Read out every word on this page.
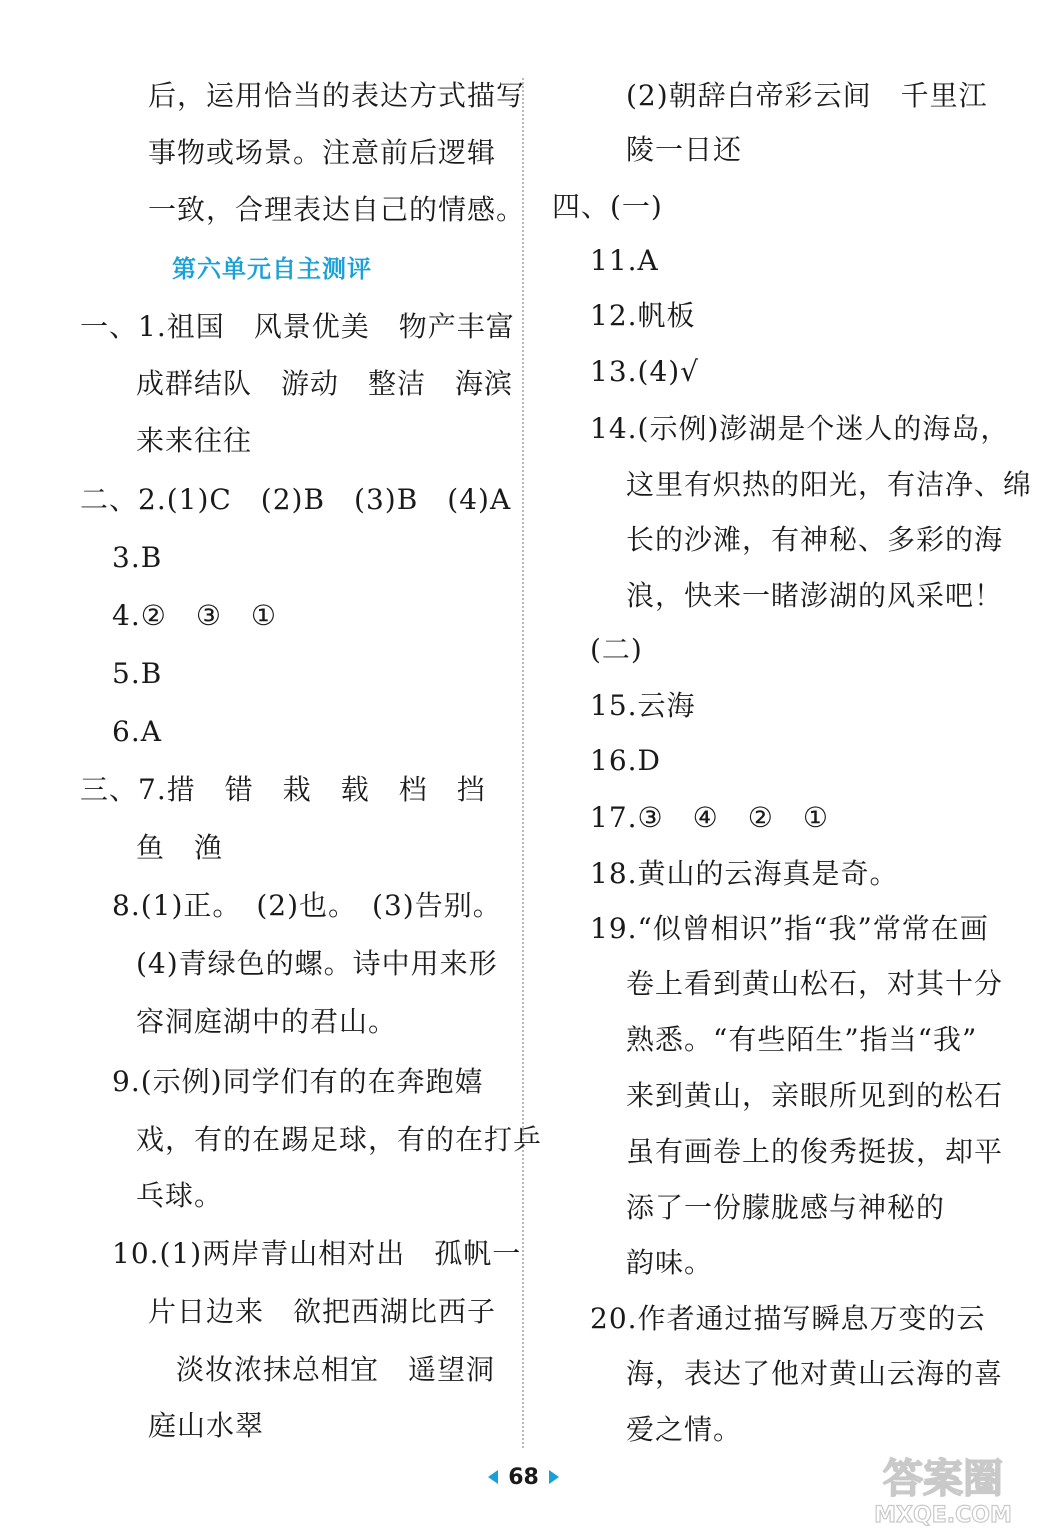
后，运用恰当的表达方式描写
事物或场景。注意前后逻辑
一致，合理表达自己的情感。
第六单元自主测评
一、1.祖国　风景优美　物产丰富
成群结队　游动　整洁　海滨
来来往往
二、2.(1)C　(2)B　(3)B　(4)A
3.B
4.②　③　①
5.B
6.A
三、7.措　错　栽　载　档　挡
鱼　渔
8.(1)正。　(2)也。　(3)告别。
(4)青绿色的螺。诗中用来形
容洞庭湖中的君山。
9.(示例)同学们有的在奔跑嬉
戏，有的在踢足球，有的在打乒
乓球。
10.(1)两岸青山相对出　孤帆一
片日边来　欲把西湖比西子
淡妆浓抹总相宜　遥望洞
庭山水翠
(2)朝辞白帝彩云间　千里江
陵一日还
四、(一)
11.A
12.帆板
13.(4)√
14.(示例)澎湖是个迷人的海岛，
这里有炽热的阳光，有洁净、绵
长的沙滩，有神秘、多彩的海
浪，快来一睹澎湖的风采吧！
(二)
15.云海
16.D
17.③　④　②　①
18.黄山的云海真是奇。
19.“似曾相识”指“我”常常在画
卷上看到黄山松石，对其十分
熟悉。“有些陌生”指当“我”
来到黄山，亲眼所见到的松石
虽有画卷上的俊秀挺拔，却平
添了一份朦胧感与神秘的
韵味。
20.作者通过描写瞬息万变的云
海，表达了他对黄山云海的喜
爱之情。
68	答案圈
MXQE.COM
